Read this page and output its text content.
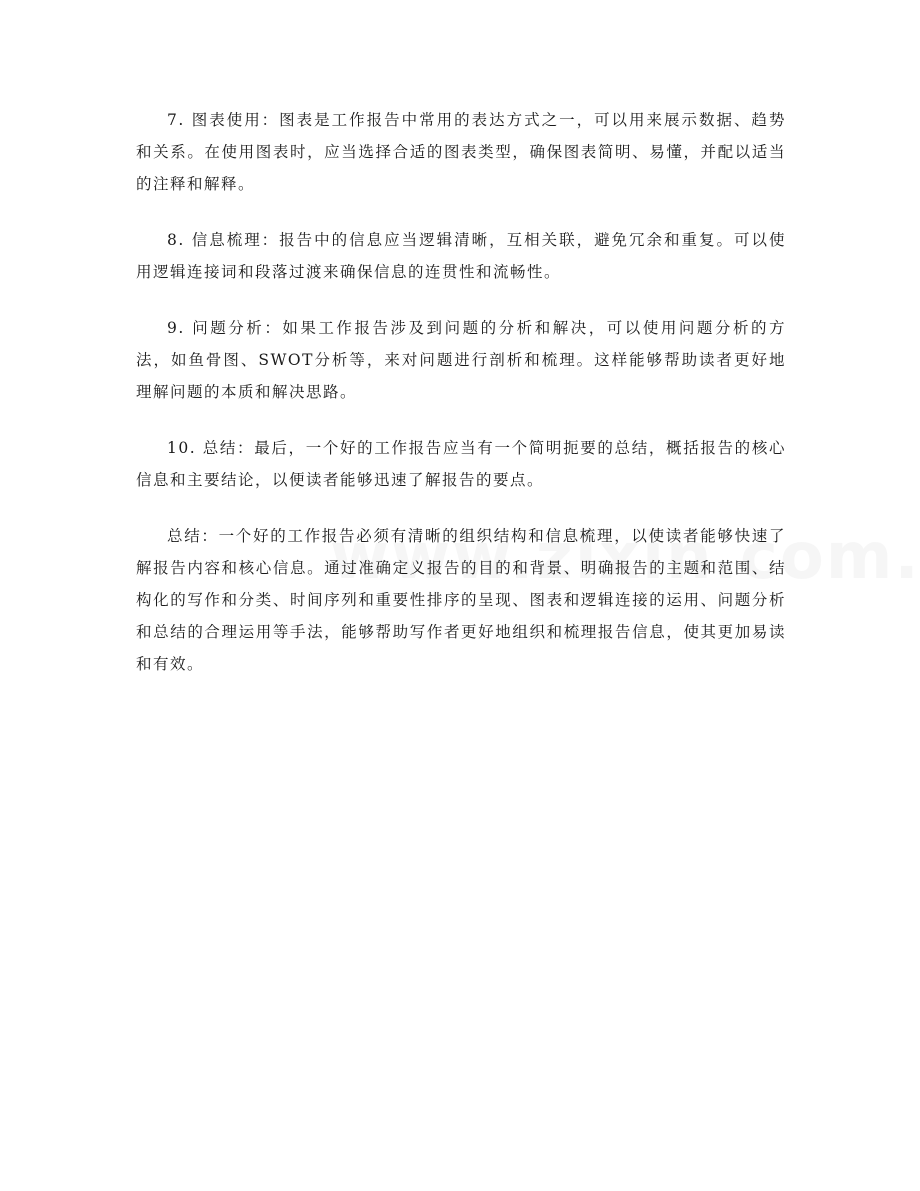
7. 图表使用：图表是工作报告中常用的表达方式之一，可以用来展示数据、趋势和关系。在使用图表时，应当选择合适的图表类型，确保图表简明、易懂，并配以适当的注释和解释。

8. 信息梳理：报告中的信息应当逻辑清晰，互相关联，避免冗余和重复。可以使用逻辑连接词和段落过渡来确保信息的连贯性和流畅性。

9. 问题分析：如果工作报告涉及到问题的分析和解决，可以使用问题分析的方法，如鱼骨图、SWOT分析等，来对问题进行剖析和梳理。这样能够帮助读者更好地理解问题的本质和解决思路。

10. 总结：最后，一个好的工作报告应当有一个简明扼要的总结，概括报告的核心信息和主要结论，以便读者能够迅速了解报告的要点。

总结：一个好的工作报告必须有清晰的组织结构和信息梳理，以使读者能够快速了解报告内容和核心信息。通过准确定义报告的目的和背景、明确报告的主题和范围、结构化的写作和分类、时间序列和重要性排序的呈现、图表和逻辑连接的运用、问题分析和总结的合理运用等手法，能够帮助写作者更好地组织和梳理报告信息，使其更加易读和有效。
